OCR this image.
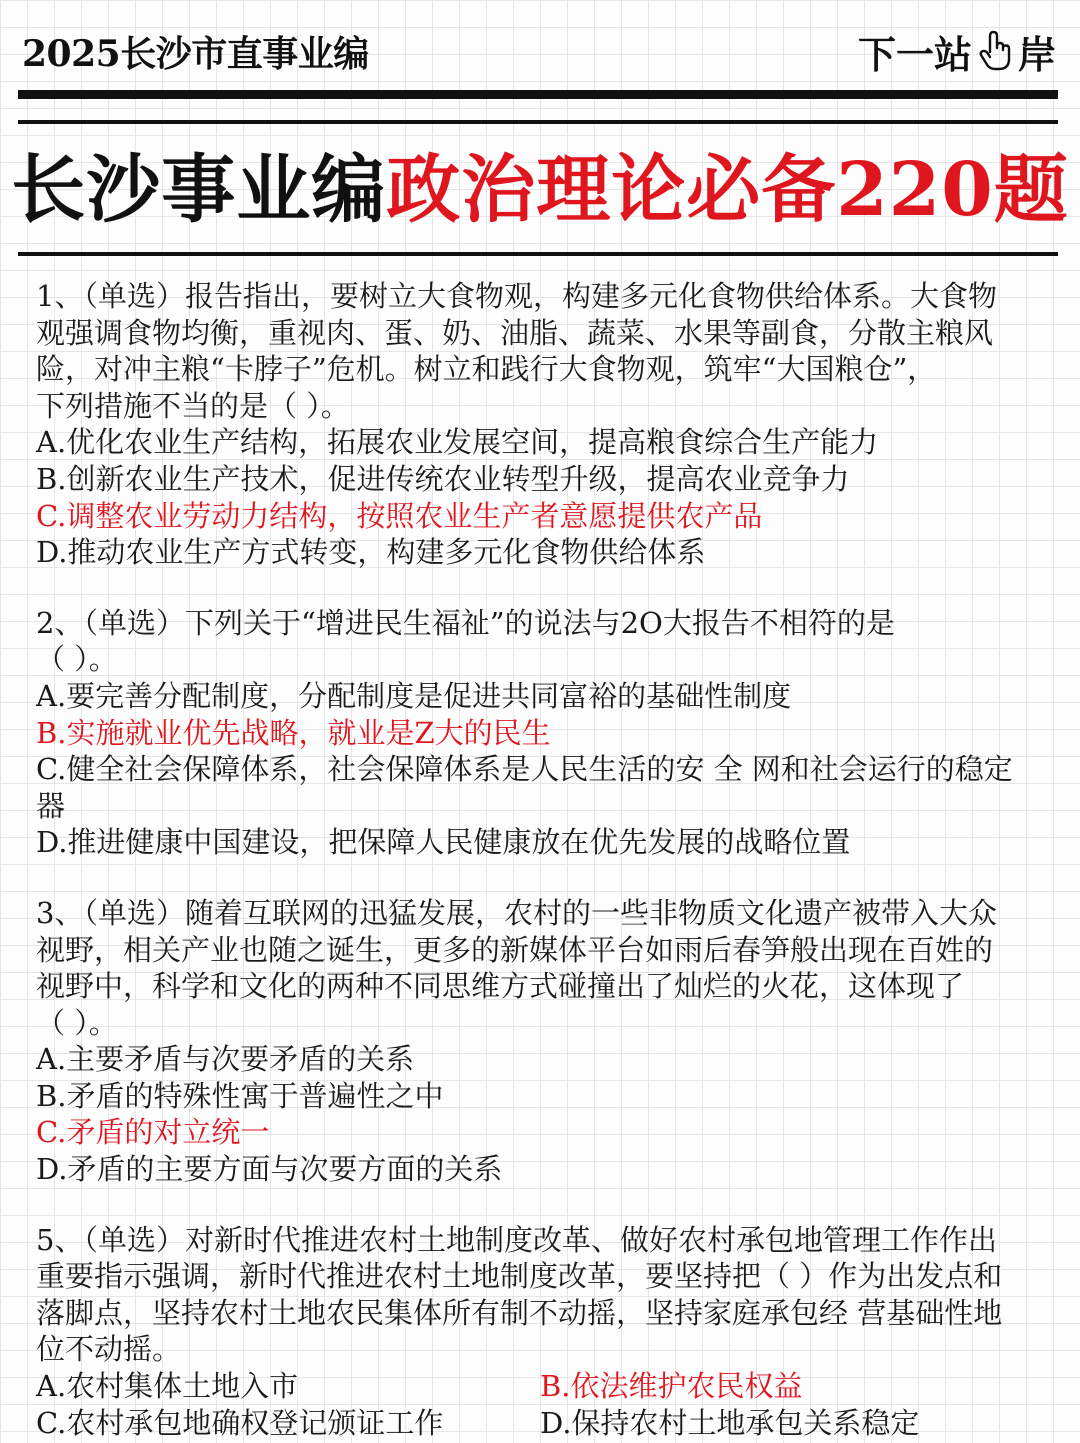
2025长沙市直事业编	下一站 岸
长沙事业编政治理论必备220题

1、（单选）报告指出，要树立大食物观，构建多元化食物供给体系。大食物

观强调食物均衡，重视肉、蛋、奶、油脂、蔬菜、水果等副食，分散主粮风

险，对冲主粮“卡脖子”危机。树立和践行大食物观，筑牢“大国粮仓”，

下列措施不当的是（ ）。

A.优化农业生产结构，拓展农业发展空间，提高粮食综合生产能力

B.创新农业生产技术，促进传统农业转型升级，提高农业竞争力

C.调整农业劳动力结构，按照农业生产者意愿提供农产品

D.推动农业生产方式转变，构建多元化食物供给体系

2、（单选）下列关于“增进民生福祉”的说法与2O大报告不相符的是

（ ）。

A.要完善分配制度，分配制度是促进共同富裕的基础性制度

B.实施就业优先战略，就业是Z大的民生

C.健全社会保障体系，社会保障体系是人民生活的安 全 网和社会运行的稳定

器

D.推进健康中国建设，把保障人民健康放在优先发展的战略位置

3、（单选）随着互联网的迅猛发展，农村的一些非物质文化遗产被带入大众

视野，相关产业也随之诞生，更多的新媒体平台如雨后春笋般出现在百姓的

视野中，科学和文化的两种不同思维方式碰撞出了灿烂的火花，这体现了

（ ）。

A.主要矛盾与次要矛盾的关系

B.矛盾的特殊性寓于普遍性之中

C.矛盾的对立统一

D.矛盾的主要方面与次要方面的关系

5、（单选）对新时代推进农村土地制度改革、做好农村承包地管理工作作出

重要指示强调，新时代推进农村土地制度改革，要坚持把（ ）作为出发点和

落脚点，坚持农村土地农民集体所有制不动摇，坚持家庭承包经 营基础性地

位不动摇。

A.农村集体土地入市	B.依法维护农民权益

C.农村承包地确权登记颁证工作	D.保持农村土地承包关系稳定
